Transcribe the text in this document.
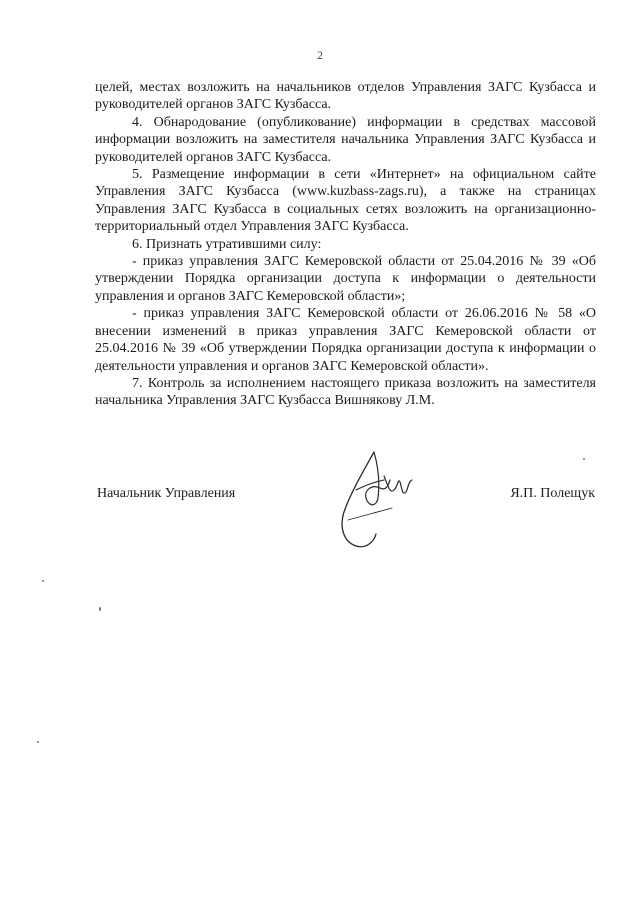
2

целей, местах возложить на начальников отделов Управления ЗАГС Кузбасса и руководителей органов ЗАГС Кузбасса.

4. Обнародование (опубликование) информации в средствах массовой информации возложить на заместителя начальника Управления ЗАГС Кузбасса и руководителей органов ЗАГС Кузбасса.

5. Размещение информации в сети «Интернет» на официальном сайте Управления ЗАГС Кузбасса (www.kuzbass-zags.ru), а также на страницах Управления ЗАГС Кузбасса в социальных сетях возложить на организационно-территориальный отдел Управления ЗАГС Кузбасса.

6. Признать утратившими силу:

- приказ управления ЗАГС Кемеровской области от 25.04.2016 № 39 «Об утверждении Порядка организации доступа к информации о деятельности управления и органов ЗАГС Кемеровской области»;

- приказ управления ЗАГС Кемеровской области от 26.06.2016 № 58 «О внесении изменений в приказ управления ЗАГС Кемеровской области от 25.04.2016 № 39 «Об утверждении Порядка организации доступа к информации о деятельности управления и органов ЗАГС Кемеровской области».

7. Контроль за исполнением настоящего приказа возложить на заместителя начальника Управления ЗАГС Кузбасса Вишнякову Л.М.

Начальник Управления	Я.П. Полещук
